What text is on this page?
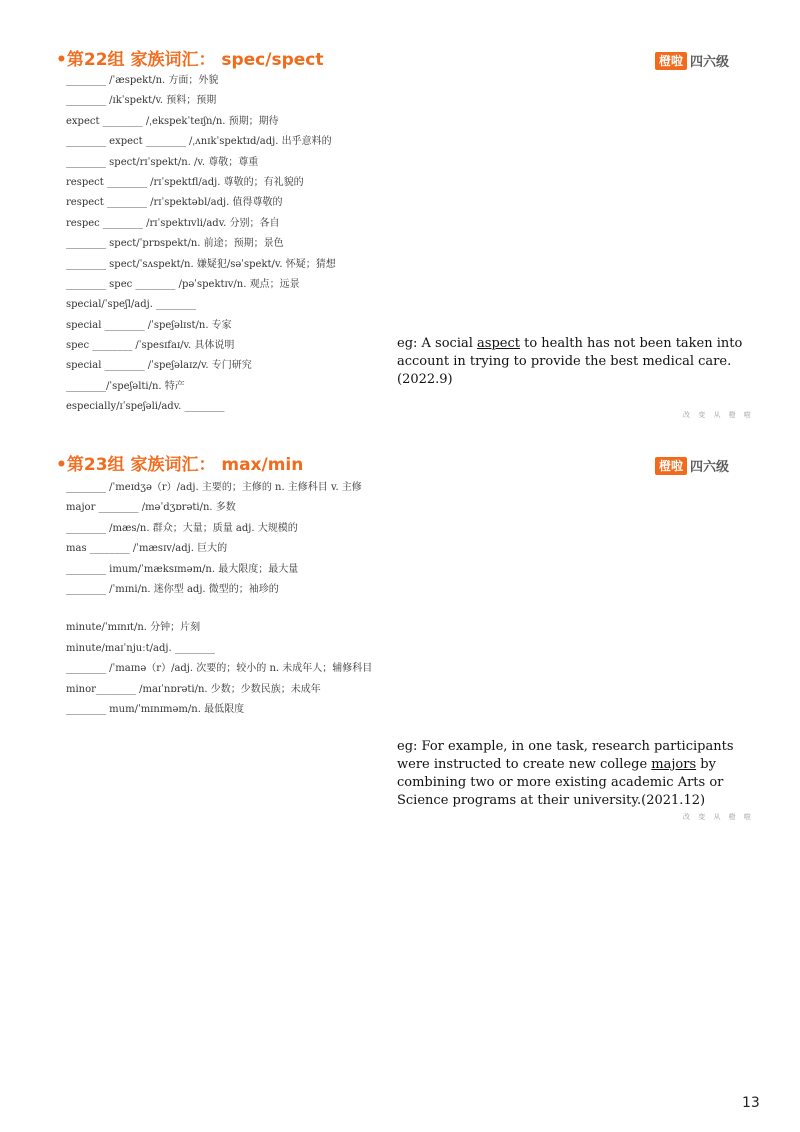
•第22组 家族词汇： spec/spect	橙啦 四六级
________ /ˈæspekt/n. 方面；外貌
________ /ɪkˈspekt/v. 预料；预期
expect ________ /ˌekspekˈteɪʃn/n. 预期；期待
________ expect ________ /ˌʌnɪkˈspektɪd/adj. 出乎意料的
________ spect/rɪˈspekt/n. /v. 尊敬；尊重
respect ________ /rɪˈspektfl/adj. 尊敬的；有礼貌的
respect ________ /rɪˈspektəbl/adj. 值得尊敬的
respec ________ /rɪˈspektɪvli/adv. 分别；各自
________ spect/ˈprɒspekt/n. 前途；预期；景色
________ spect/ˈsʌspekt/n. 嫌疑犯/səˈspekt/v. 怀疑；猜想
________ spec ________ /pəˈspektɪv/n. 观点；远景
special/ˈspeʃl/adj. ________
special ________ /ˈspeʃəlɪst/n. 专家
spec ________ /ˈspesɪfaɪ/v. 具体说明
special ________ /ˈspeʃəlaɪz/v. 专门研究
________/ˈspeʃəlti/n. 特产
especially/ɪˈspeʃəli/adv. ________
eg: A social aspect to health has not been taken into account in trying to provide the best medical care. (2022.9)
改 变 从 橙 啦
•第23组 家族词汇： max/min	橙啦 四六级
________ /ˈmeɪdʒə（r）/adj. 主要的；主修的 n. 主修科目 v. 主修
major ________ /məˈdʒɒrəti/n. 多数
________ /mæs/n. 群众；大量；质量 adj. 大规模的
mas ________ /ˈmæsɪv/adj. 巨大的
________ imum/ˈmæksɪməm/n. 最大限度；最大量
________ /ˈmɪni/n. 迷你型 adj. 微型的；袖珍的
minute/ˈmɪnɪt/n. 分钟；片刻
minute/maɪˈnjuːt/adj. ________
________ /ˈmaɪnə（r）/adj. 次要的；较小的 n. 未成年人；辅修科目
minor________ /maɪˈnɒrəti/n. 少数；少数民族；未成年
________ mum/ˈmɪnɪməm/n. 最低限度
eg: For example, in one task, research participants were instructed to create new college majors by combining two or more existing academic Arts or Science programs at their university.(2021.12)
改 变 从 橙 啦
13
